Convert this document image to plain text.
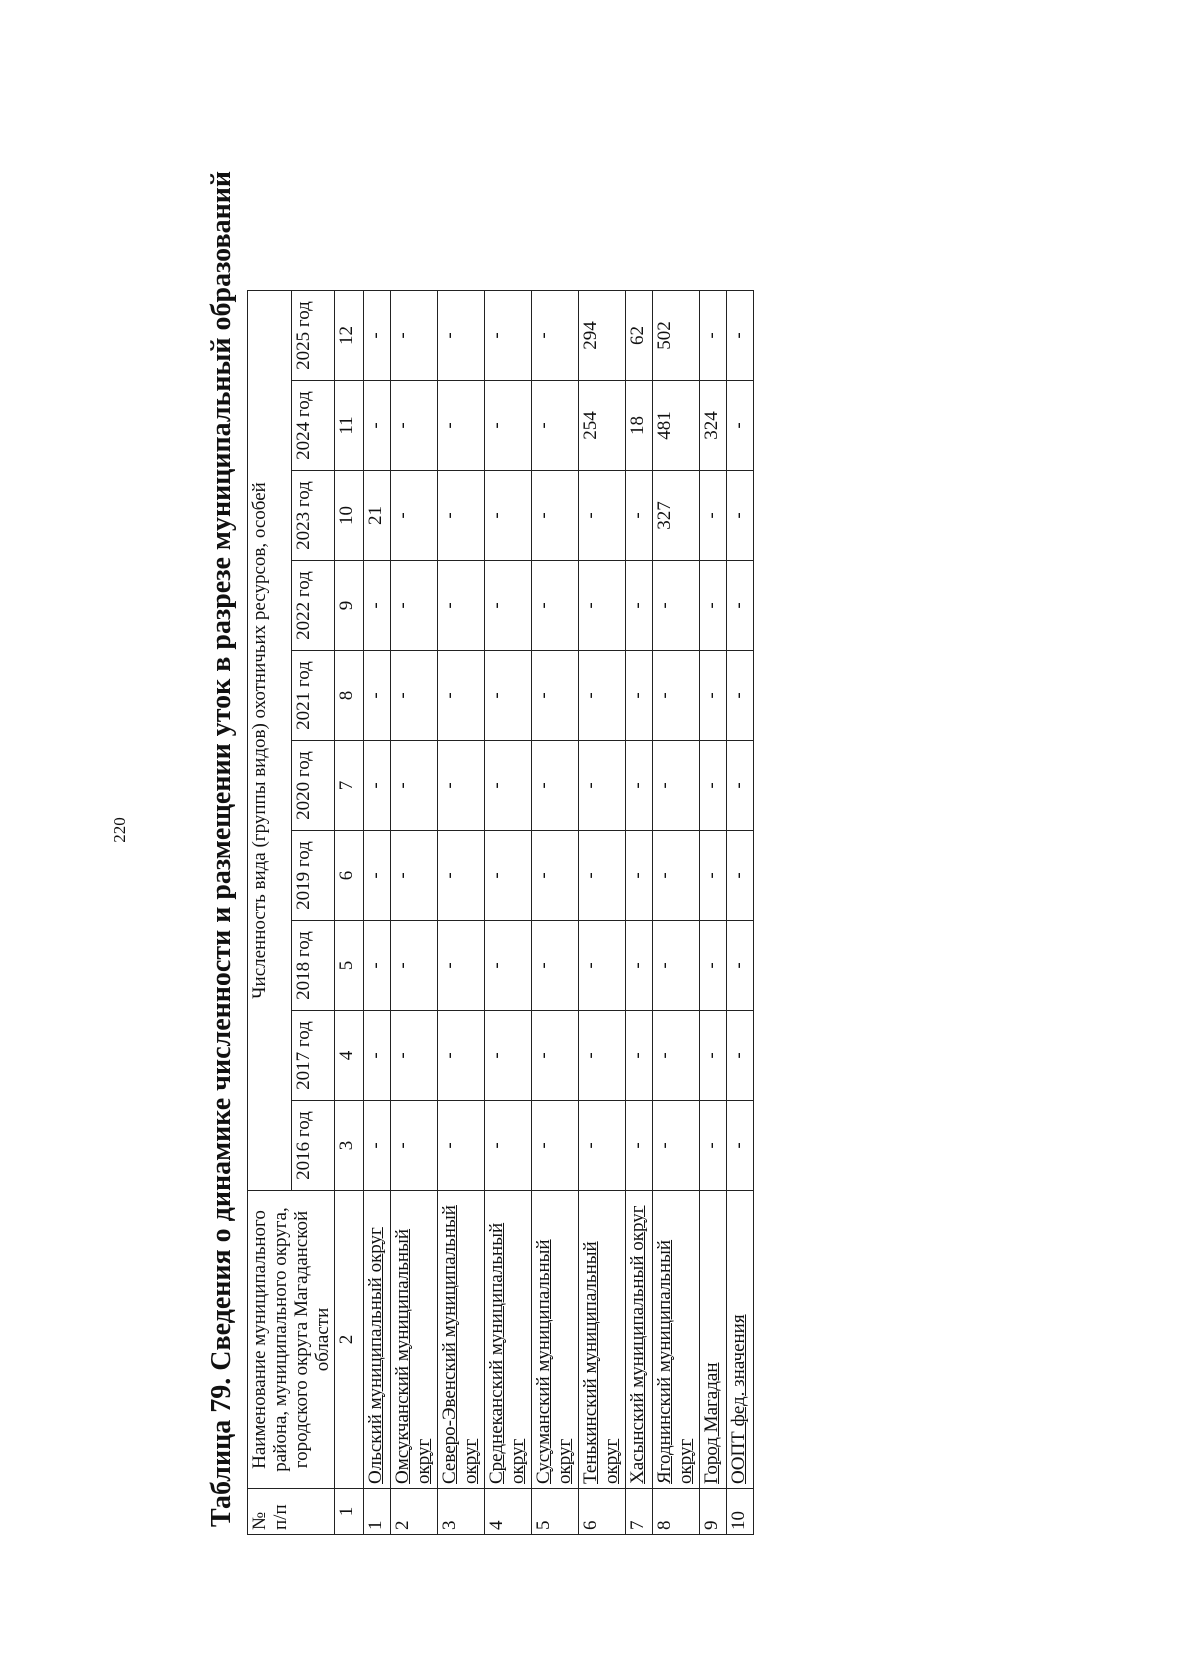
220	Таблица 79. Сведения о динамике численности и размещении уток в разрезе муниципальный образований № п/п	Наименование муниципального района, муниципального округа, городского округа Магаданской области	Численность вида (группы видов) охотничьих ресурсов, особей									
		2016 год	2017 год	2018 год	2019 год	2020 год	2021 год	2022 год	2023 год	2024 год	2025 год
1	2	3	4	5	6	7	8	9	10	11	12
1	Ольский муниципальный округ	-	-	-	-	-	-	-	21	-	-
2	Омсукчанский муниципальный округ	-	-	-	-	-	-	-	-	-	-
3	Северо-Эвенский муниципальный округ	-	-	-	-	-	-	-	-	-	-
4	Среднеканский муниципальный округ	-	-	-	-	-	-	-	-	-	-
5	Сусуманский муниципальный округ	-	-	-	-	-	-	-	-	-	-
6	Тенькинский муниципальный округ	-	-	-	-	-	-	-	-	254	294
7	Хасынский муниципальный округ	-	-	-	-	-	-	-	-	18	62
8	Ягоднинский муниципальный округ	-	-	-	-	-	-	-	327	481	502
9	Город Магадан	-	-	-	-	-	-	-	-	324	-
10	ООПТ фед. значения	-	-	-	-	-	-	-	-	-	-
